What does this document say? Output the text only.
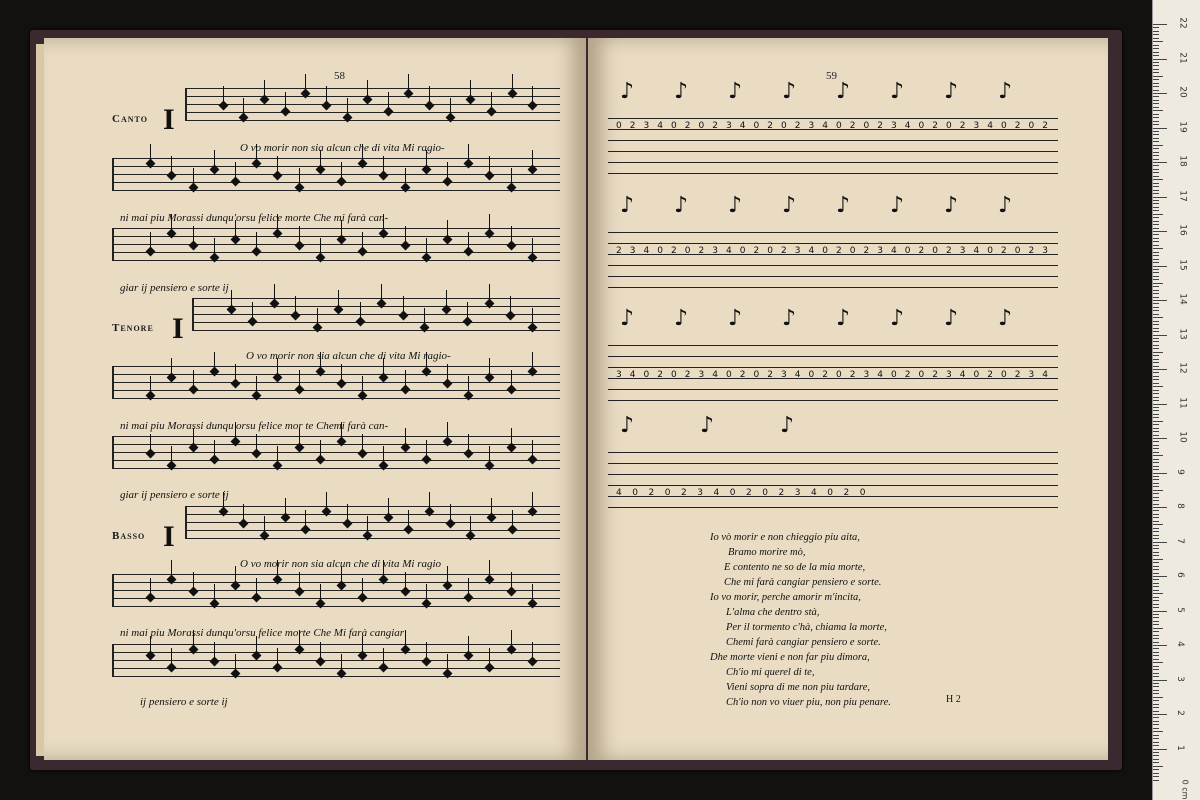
58
Canto I
Tenore I
Basso I
O vo morir non sia alcun che di vita Mi ragio-
ni mai piu Morassi dunqu'orsu felice morte Che mi farà can-
giar ij pensiero e sorte ij
O vo morir non sia alcun che di vita Mi ragio-
ni mai piu Morassi dunqu'orsu felice mor te Chemi farà can-
giar ij pensiero e sorte ij
O vo morir non sia alcun che di vita Mi ragio
ni mai piu Morassi dunqu'orsu felice morte Che Mi farà cangiar
ij pensiero e sorte ij
59
0 2 3 4 0 2 0 2 3 4 0 2 0 2 3 4 0 2 0 2 3 4 0 2 0 2 3 4 0 2 0 2
♪ ♪ ♪ ♪ ♪ ♪ ♪ ♪
2 3 4 0 2 0 2 3 4 0 2 0 2 3 4 0 2 0 2 3 4 0 2 0 2 3 4 0 2 0 2 3
♪ ♪ ♪ ♪ ♪ ♪ ♪ ♪
3 4 0 2 0 2 3 4 0 2 0 2 3 4 0 2 0 2 3 4 0 2 0 2 3 4 0 2 0 2 3 4
♪ ♪ ♪ ♪ ♪ ♪ ♪ ♪
4 0 2 0 2 3 4 0 2 0 2 3 4 0 2 0
♪	♪	♪
Io vò morir e non chieggio piu aita,
Bramo morire mò,
E contento ne so de la mia morte,
Che mi farà cangiar pensiero e sorte.
Io vo morir, perche amorir m'incita,
L'alma che dentro stà,
Per il tormento c'hà, chiama la morte,
Chemi farà cangiar pensiero e sorte.
Dhe morte vieni e non far piu dimora,
Ch'io mi querel di te,
Vieni sopra di me non piu tardare,
Ch'io non vo viuer piu, non piu penare.	H 2
0 cm
22
21
20
19
18
17
16
15
14
13
12
11
10
9
8
7
6
5
4
3
2
1
